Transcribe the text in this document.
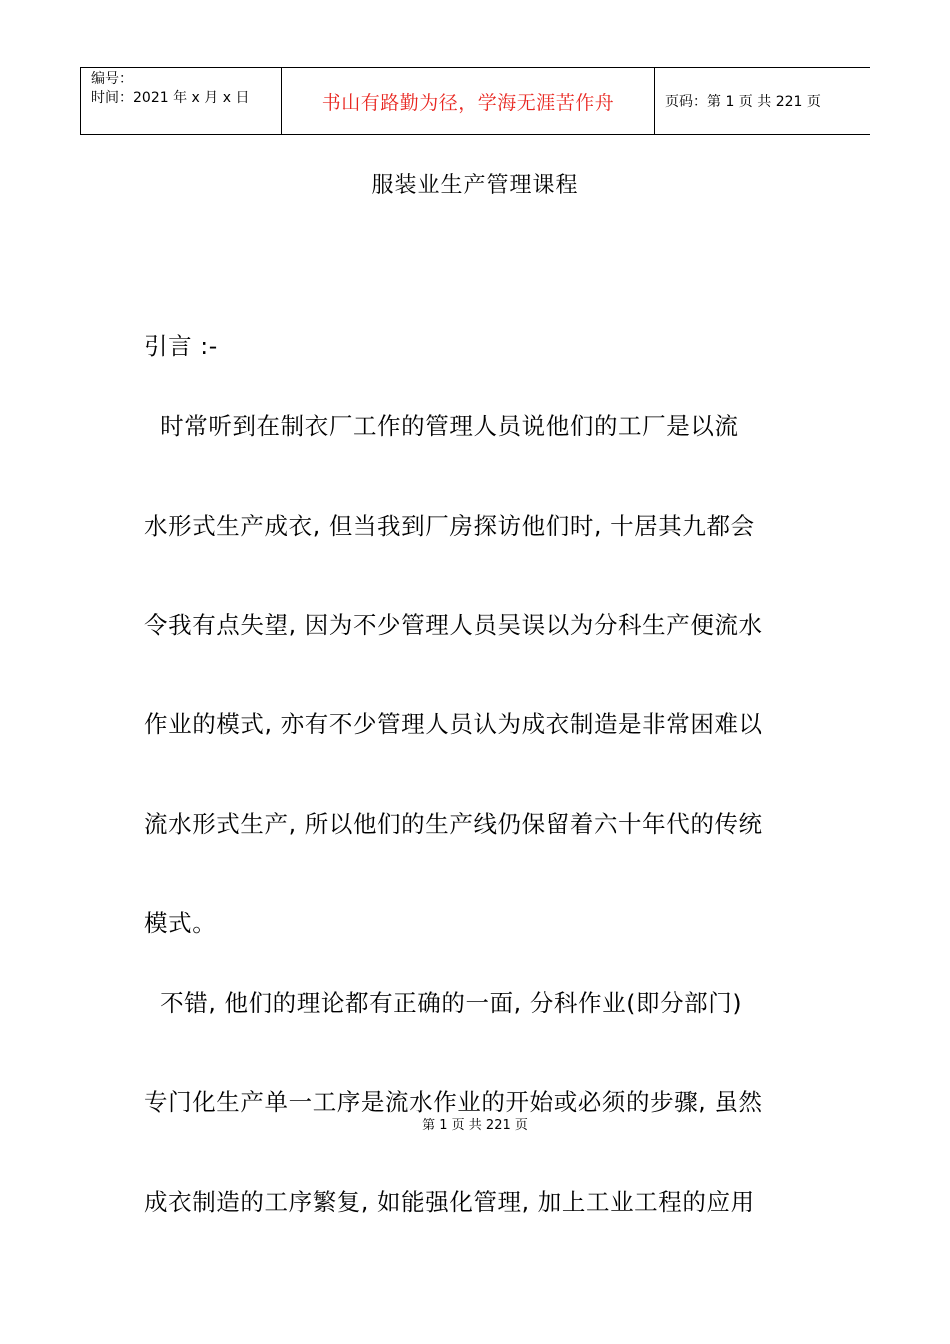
编号：
时间：2021 年 x 月 x 日	书山有路勤为径，学海无涯苦作舟	页码：第 1 页 共 221 页
服装业生产管理课程
引言 :-
时常听到在制衣厂工作的管理人员说他们的工厂是以流
水形式生产成衣, 但当我到厂房探访他们时, 十居其九都会
令我有点失望, 因为不少管理人员吴误以为分科生产便流水
作业的模式, 亦有不少管理人员认为成衣制造是非常困难以
流水形式生产, 所以他们的生产线仍保留着六十年代的传统
模式。
不错, 他们的理论都有正确的一面, 分科作业(即分部门)
专门化生产单一工序是流水作业的开始或必须的步骤, 虽然
成衣制造的工序繁复, 如能强化管理, 加上工业工程的应用
第 1 页 共 221 页
